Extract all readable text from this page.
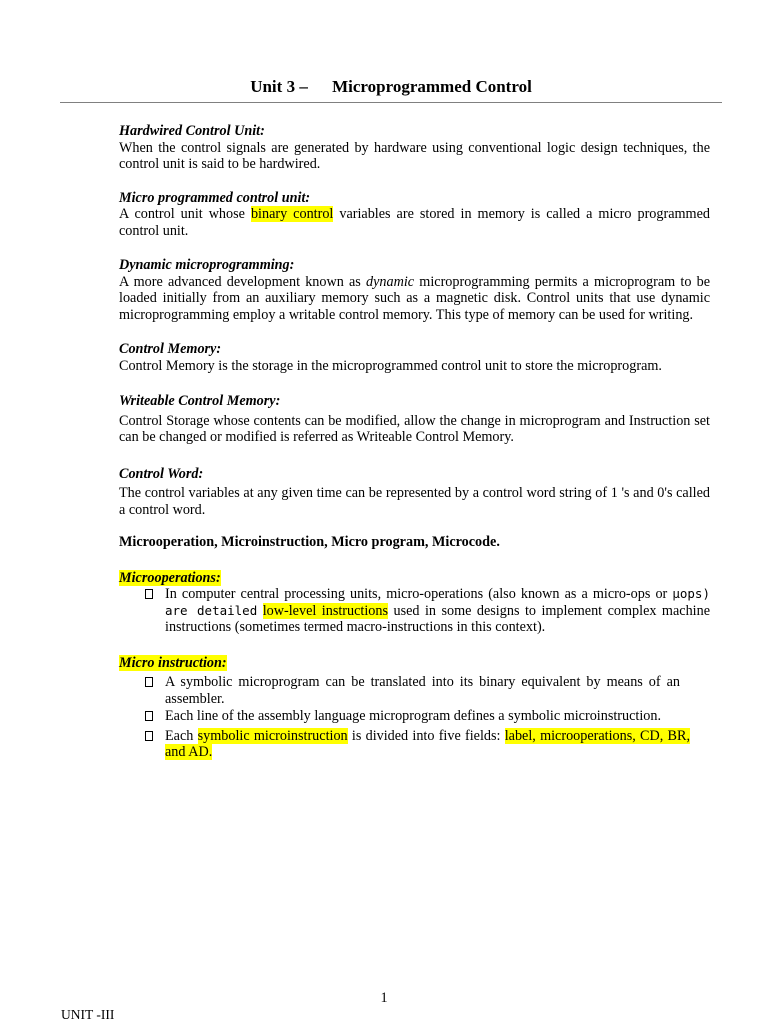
Unit 3 – Microprogrammed Control

Hardwired Control Unit:

When the control signals are generated by hardware using conventional logic design techniques, the control unit is said to be hardwired.

Micro programmed control unit:

A control unit whose binary control variables are stored in memory is called a micro programmed control unit.

Dynamic microprogramming:

A more advanced development known as dynamic microprogramming permits a microprogram to be loaded initially from an auxiliary memory such as a magnetic disk. Control units that use dynamic microprogramming employ a writable control memory. This type of memory can be used for writing.

Control Memory:

Control Memory is the storage in the microprogrammed control unit to store the microprogram.

Writeable Control Memory:

Control Storage whose contents can be modified, allow the change in microprogram and Instruction set can be changed or modified is referred as Writeable Control Memory.

Control Word:

The control variables at any given time can be represented by a control word string of 1 's and 0's called a control word.

Microoperation, Microinstruction, Micro program, Microcode.

Microoperations:

In computer central processing units, micro-operations (also known as a micro-ops or μops) are detailed low-level instructions used in some designs to implement complex machine instructions (sometimes termed macro-instructions in this context).

Micro instruction:

A symbolic microprogram can be translated into its binary equivalent by means of an assembler.
Each line of the assembly language microprogram defines a symbolic microinstruction.
Each symbolic microinstruction is divided into five fields: label, microoperations, CD, BR, and AD.
1
UNIT -III
